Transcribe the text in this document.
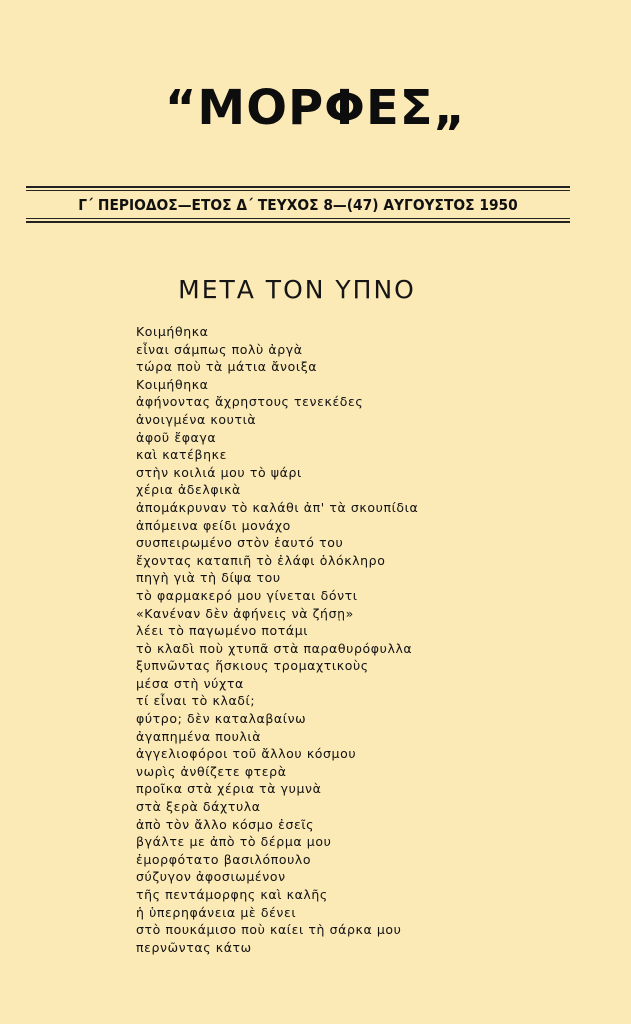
“ΜΟΡΦΕΣ„
Γ΄ ΠΕΡΙΟΔΟΣ—ΕΤΟΣ Δ΄ ΤΕΥΧΟΣ 8—(47) ΑΥΓΟΥΣΤΟΣ 1950
ΜΕΤΑ ΤΟΝ ΥΠΝΟ
Κοιμήθηκα
εἶναι σάμπως πολὺ ἀργὰ
τώρα ποὺ τὰ μάτια ἄνοιξα
Κοιμήθηκα
ἀφήνοντας ἄχρηστους τενεκέδες
ἀνοιγμένα κουτιὰ
ἀφοῦ ἔφαγα
καὶ κατέβηκε
στὴν κοιλιά μου τὸ ψάρι
χέρια ἀδελφικὰ
ἀπομάκρυναν τὸ καλάθι ἀπ' τὰ σκουπίδια
ἀπόμεινα φείδι μονάχο
συσπειρωμένο στὸν ἑαυτό του
ἔχοντας καταπιῆ τὸ ἐλάφι ὁλόκληρο
πηγὴ γιὰ τὴ δίψα του
τὸ φαρμακερό μου γίνεται δόντι
«Κανέναν δὲν ἀφήνεις νὰ ζήσῃ»
λέει τὸ παγωμένο ποτάμι
τὸ κλαδὶ ποὺ χτυπᾶ στὰ παραθυρόφυλλα
ξυπνῶντας ἥσκιους τρομαχτικοὺς
μέσα στὴ νύχτα
τί εἶναι τὸ κλαδί;
φύτρο; δὲν καταλαβαίνω
ἀγαπημένα πουλιὰ
ἀγγελιοφόροι τοῦ ἄλλου κόσμου
νωρὶς ἀνθίζετε φτερὰ
προῖκα στὰ χέρια τὰ γυμνὰ
στὰ ξερὰ δάχτυλα
ἀπὸ τὸν ἄλλο κόσμο ἐσεῖς
βγάλτε με ἀπὸ τὸ δέρμα μου
ἐμορφότατο βασιλόπουλο
σύζυγον ἀφοσιωμένον
τῆς πεντάμορφης καὶ καλῆς
ἡ ὑπερηφάνεια μὲ δένει
στὸ πουκάμισο ποὺ καίει τὴ σάρκα μου
περνῶντας κάτω
